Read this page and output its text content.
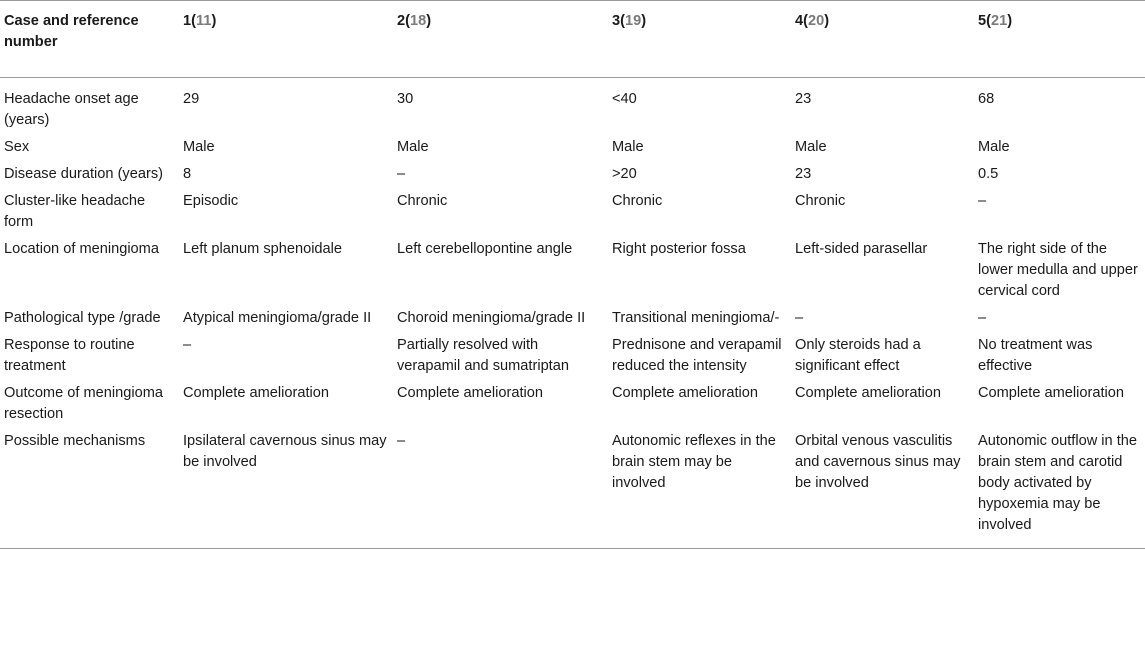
Case and reference number	1(11)	2(18)	3(19)	4(20)	5(21)
Headache onset age (years)	29	30	<40	23	68
Sex	Male	Male	Male	Male	Male
Disease duration (years)	8	–	>20	23	0.5
Cluster-like headache form	Episodic	Chronic	Chronic	Chronic	–
Location of meningioma	Left planum sphenoidale	Left cerebellopontine angle	Right posterior fossa	Left-sided parasellar	The right side of the lower medulla and upper cervical cord
Pathological type /grade	Atypical meningioma/grade II	Choroid meningioma/grade II	Transitional meningioma/-	–	–
Response to routine treatment	–	Partially resolved with verapamil and sumatriptan	Prednisone and verapamil reduced the intensity	Only steroids had a significant effect	No treatment was effective
Outcome of meningioma resection	Complete amelioration	Complete amelioration	Complete amelioration	Complete amelioration	Complete amelioration
Possible mechanisms	Ipsilateral cavernous sinus may be involved	–	Autonomic reflexes in the brain stem may be involved	Orbital venous vasculitis and cavernous sinus may be involved	Autonomic outflow in the brain stem and carotid body activated by hypoxemia may be involved
